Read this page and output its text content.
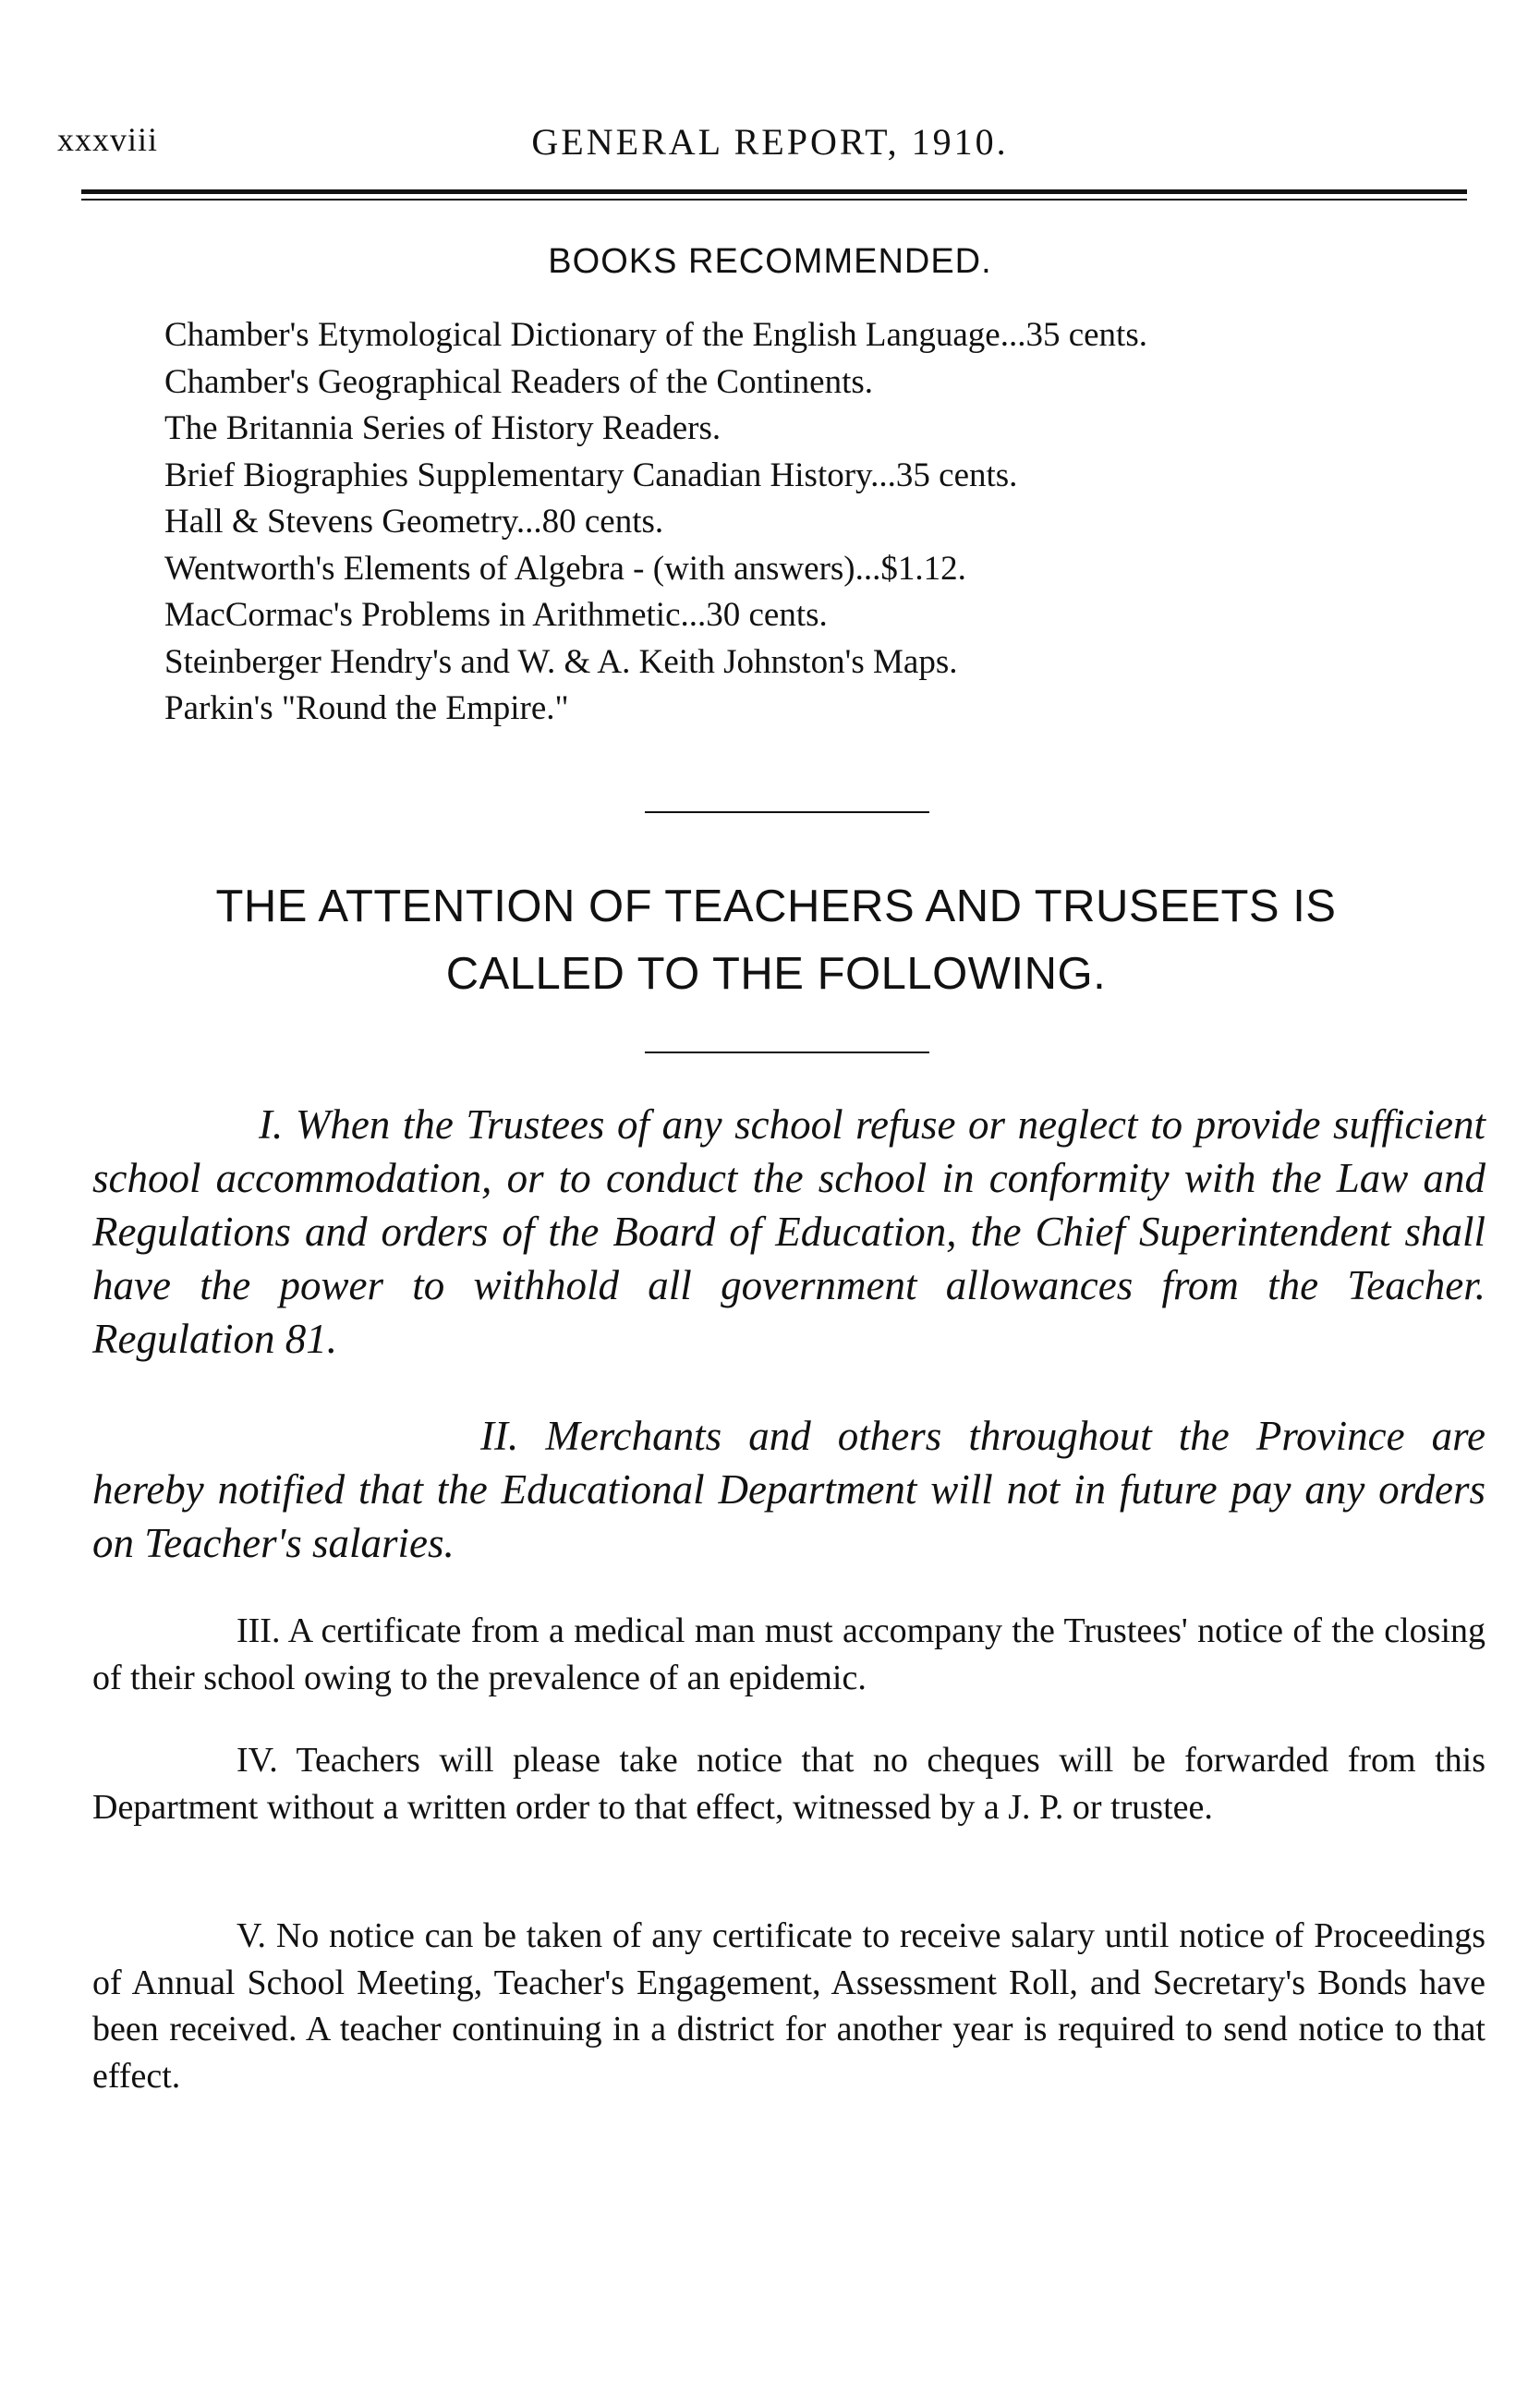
xxxviii	GENERAL REPORT, 1910.
BOOKS RECOMMENDED.
Chamber's Etymological Dictionary of the English Language...35 cents.
Chamber's Geographical Readers of the Continents.
The Britannia Series of History Readers.
Brief Biographies Supplementary Canadian History...35 cents.
Hall & Stevens Geometry...80 cents.
Wentworth's Elements of Algebra - (with answers)...$1.12.
MacCormac's Problems in Arithmetic...30 cents.
Steinberger Hendry's and W. & A. Keith Johnston's Maps.
Parkin's "Round the Empire."
THE ATTENTION OF TEACHERS AND TRUSEETS IS
CALLED TO THE FOLLOWING.

I. When the Trustees of any school refuse or neglect to provide sufficient school accommodation, or to conduct the school in conformity with the Law and Regulations and orders of the Board of Education, the Chief Superintendent shall have the power to withhold all government allowances from the Teacher. Regulation 81.

II. Merchants and others throughout the Province are hereby notified that the Educational Department will not in future pay any orders on Teacher's salaries.

III. A certificate from a medical man must accompany the Trustees' notice of the closing of their school owing to the prevalence of an epidemic.

IV. Teachers will please take notice that no cheques will be forwarded from this Department without a written order to that effect, witnessed by a J. P. or trustee.

V. No notice can be taken of any certificate to receive salary until notice of Proceedings of Annual School Meeting, Teacher's Engagement, Assessment Roll, and Secretary's Bonds have been received. A teacher continuing in a district for another year is required to send notice to that effect.
